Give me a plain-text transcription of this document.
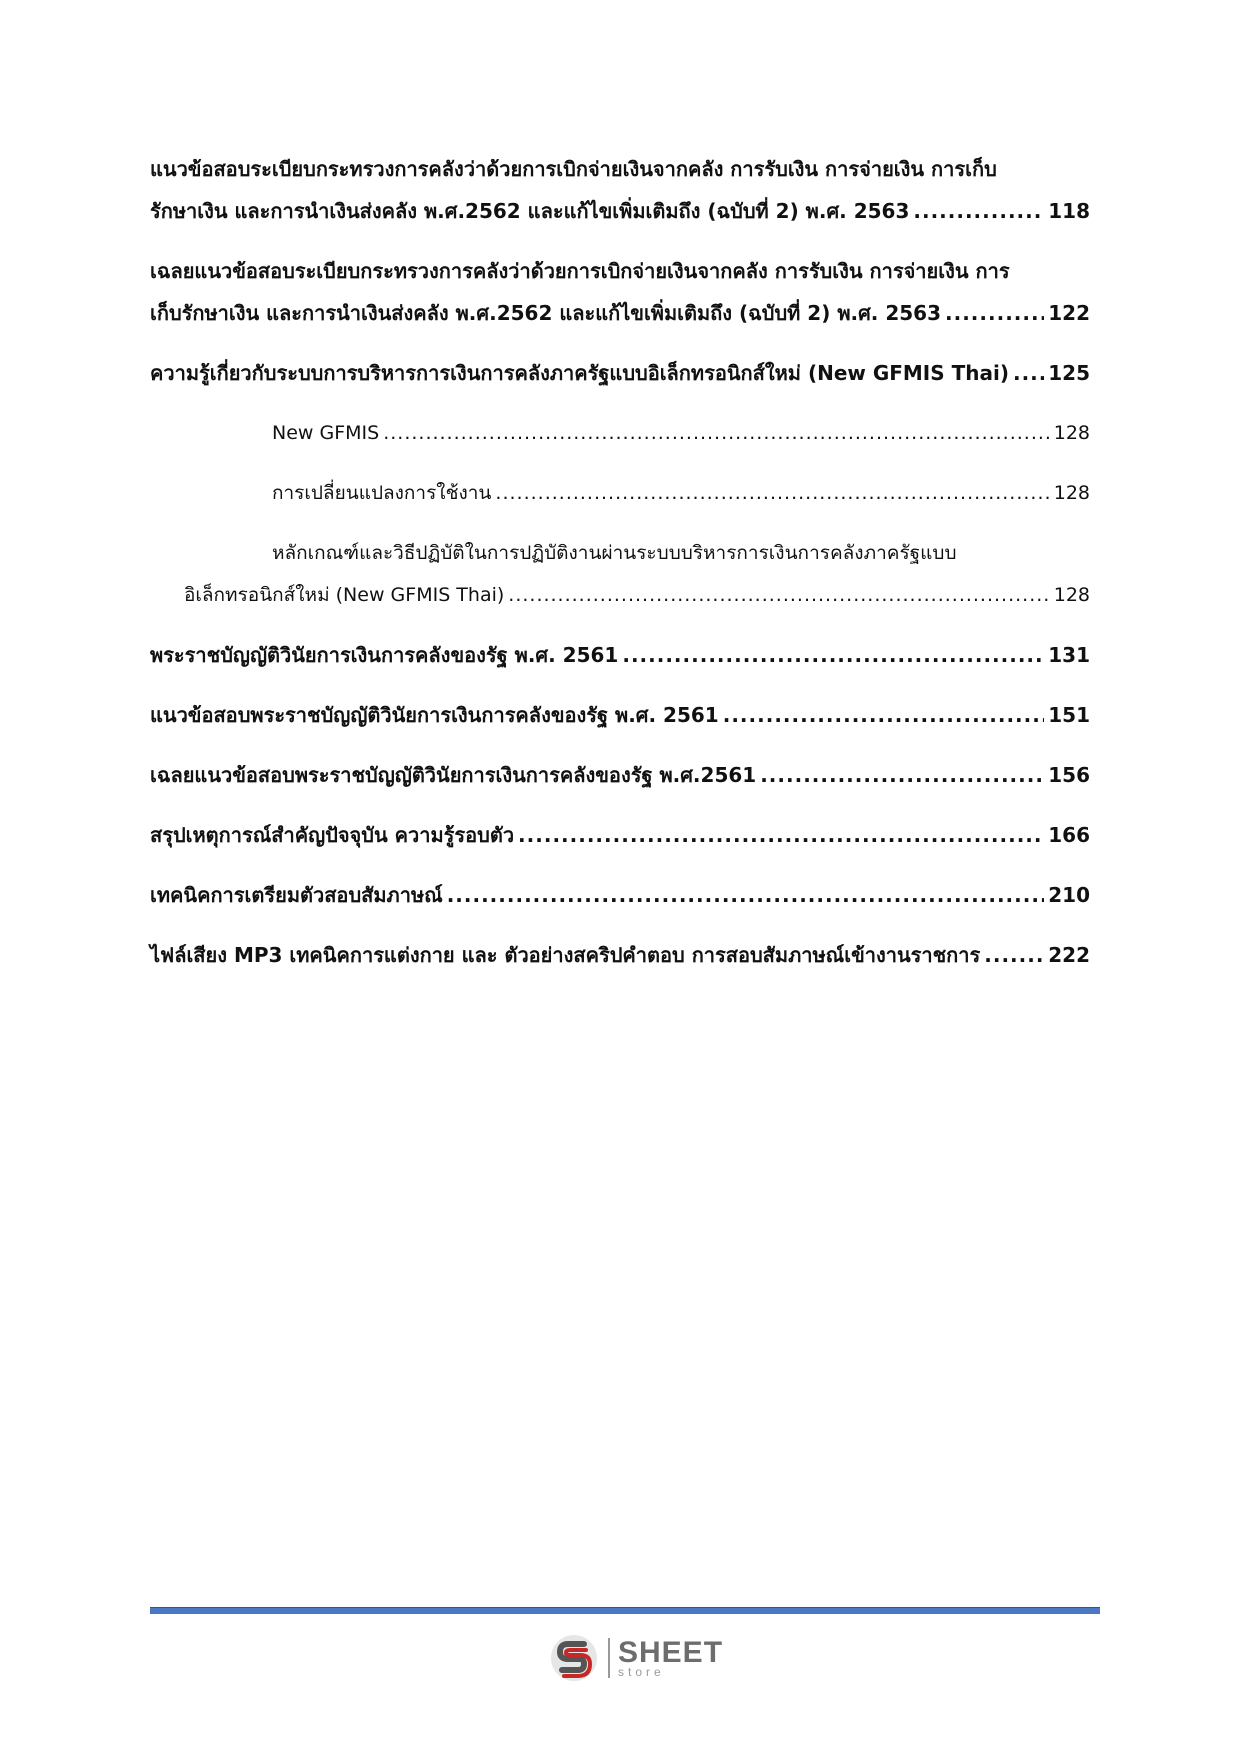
แนวข้อสอบระเบียบกระทรวงการคลังว่าด้วยการเบิกจ่ายเงินจากคลัง การรับเงิน การจ่ายเงิน การเก็บ
รักษาเงิน และการนำเงินส่งคลัง พ.ศ.2562 และแก้ไขเพิ่มเติมถึง (ฉบับที่ 2) พ.ศ. 2563 .....	118
เฉลยแนวข้อสอบระเบียบกระทรวงการคลังว่าด้วยการเบิกจ่ายเงินจากคลัง การรับเงิน การจ่ายเงิน การ
เก็บรักษาเงิน และการนำเงินส่งคลัง พ.ศ.2562 และแก้ไขเพิ่มเติมถึง (ฉบับที่ 2) พ.ศ. 2563 .....	122
ความรู้เกี่ยวกับระบบการบริหารการเงินการคลังภาครัฐแบบอิเล็กทรอนิกส์ใหม่ (New GFMIS Thai) ..... 125
New GFMIS .....	128
การเปลี่ยนแปลงการใช้งาน .....	128
หลักเกณฑ์และวิธีปฏิบัติในการปฏิบัติงานผ่านระบบบริหารการเงินการคลังภาครัฐแบบ
อิเล็กทรอนิกส์ใหม่ (New GFMIS Thai) .....	128
พระราชบัญญัติวินัยการเงินการคลังของรัฐ พ.ศ. 2561 .....	131
แนวข้อสอบพระราชบัญญัติวินัยการเงินการคลังของรัฐ พ.ศ. 2561 .....	151
เฉลยแนวข้อสอบพระราชบัญญัติวินัยการเงินการคลังของรัฐ พ.ศ.2561 .....	156
สรุปเหตุการณ์สำคัญปัจจุบัน ความรู้รอบตัว .....	166
เทคนิคการเตรียมตัวสอบสัมภาษณ์ .....	210
ไฟล์เสียง MP3 เทคนิคการแต่งกาย และ ตัวอย่างสคริปคำตอบ การสอบสัมภาษณ์เข้างานราชการ .....	222
SHEET
store
